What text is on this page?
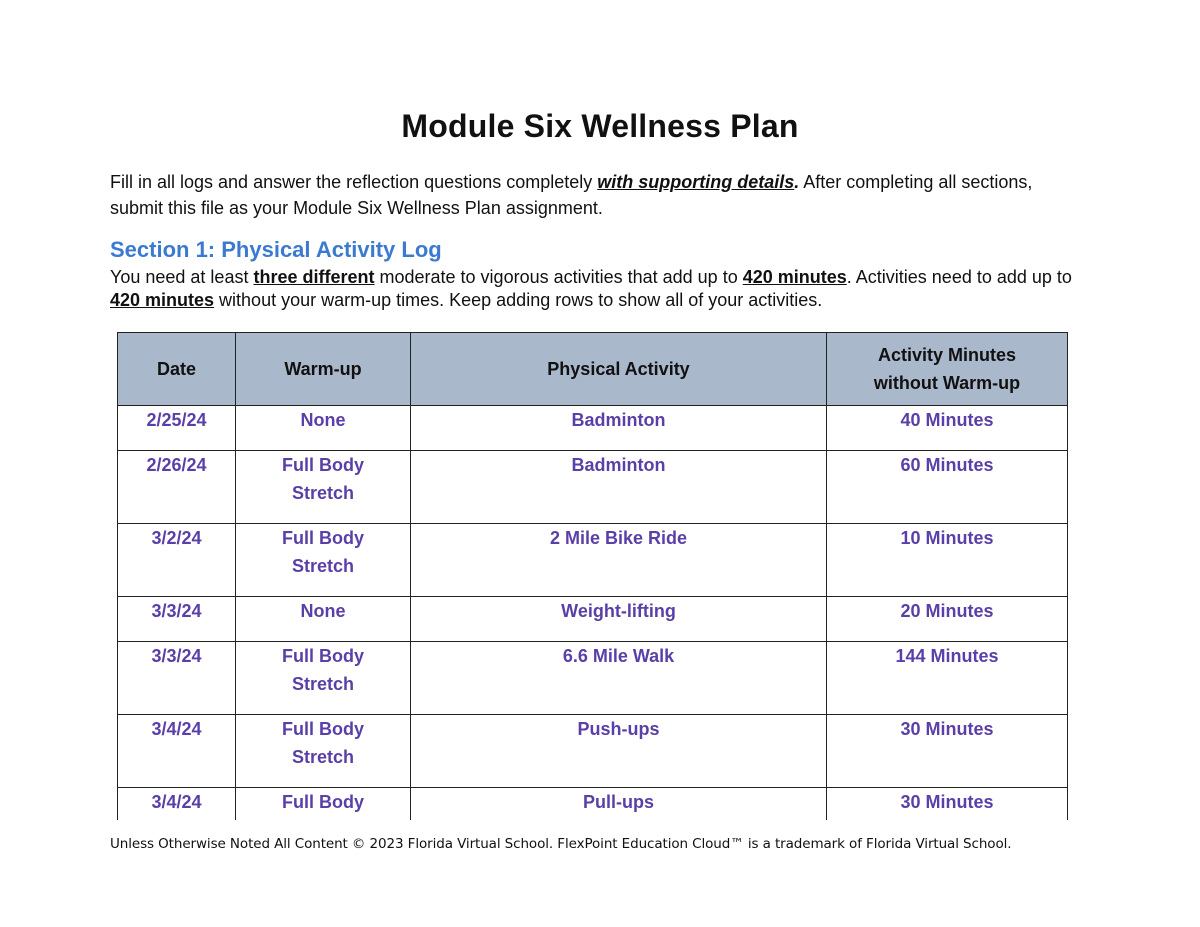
Module Six Wellness Plan
Fill in all logs and answer the reflection questions completely with supporting details. After completing all sections, submit this file as your Module Six Wellness Plan assignment.
Section 1: Physical Activity Log
You need at least three different moderate to vigorous activities that add up to 420 minutes. Activities need to add up to 420 minutes without your warm-up times. Keep adding rows to show all of your activities.
Date	Warm-up	Physical Activity	Activity Minutes
without Warm-up
2/25/24	None	Badminton	40 Minutes
2/26/24	Full Body Stretch	Badminton	60 Minutes
3/2/24	Full Body Stretch	2 Mile Bike Ride	10 Minutes
3/3/24	None	Weight-lifting	20 Minutes
3/3/24	Full Body Stretch	6.6 Mile Walk	144 Minutes
3/4/24	Full Body Stretch	Push-ups	30 Minutes
3/4/24	Full Body	Pull-ups	30 Minutes
Unless Otherwise Noted All Content © 2023 Florida Virtual School. FlexPoint Education Cloud™ is a trademark of Florida Virtual School.
